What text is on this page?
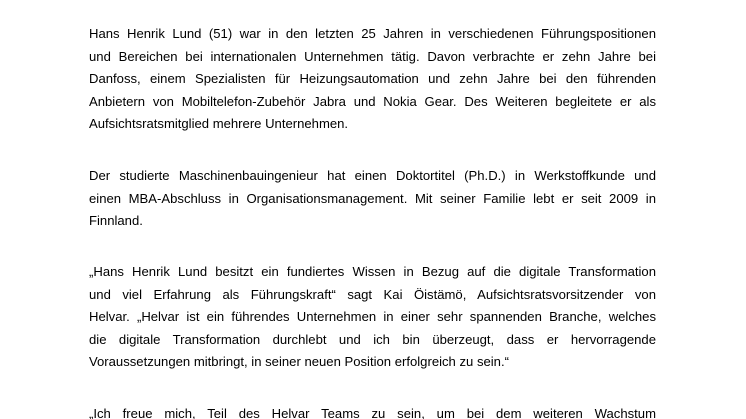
Hans Henrik Lund (51) war in den letzten 25 Jahren in verschiedenen Führungspositionen
und Bereichen bei internationalen Unternehmen tätig. Davon verbrachte er zehn Jahre bei
Danfoss, einem Spezialisten für Heizungsautomation und zehn Jahre bei den führenden
Anbietern von Mobiltelefon-Zubehör Jabra und Nokia Gear. Des Weiteren begleitete er als
Aufsichtsratsmitglied mehrere Unternehmen.

Der studierte Maschinenbauingenieur hat einen Doktortitel (Ph.D.) in Werkstoffkunde und
einen MBA-Abschluss in Organisationsmanagement. Mit seiner Familie lebt er seit 2009 in
Finnland.

„Hans Henrik Lund besitzt ein fundiertes Wissen in Bezug auf die digitale Transformation
und viel Erfahrung als Führungskraft“ sagt Kai Öistämö, Aufsichtsratsvorsitzender von
Helvar. „Helvar ist ein führendes Unternehmen in einer sehr spannenden Branche, welches
die digitale Transformation durchlebt und ich bin überzeugt, dass er hervorragende
Voraussetzungen mitbringt, in seiner neuen Position erfolgreich zu sein.“

„Ich freue mich, Teil des Helvar Teams zu sein, um bei dem weiteren Wachstum
